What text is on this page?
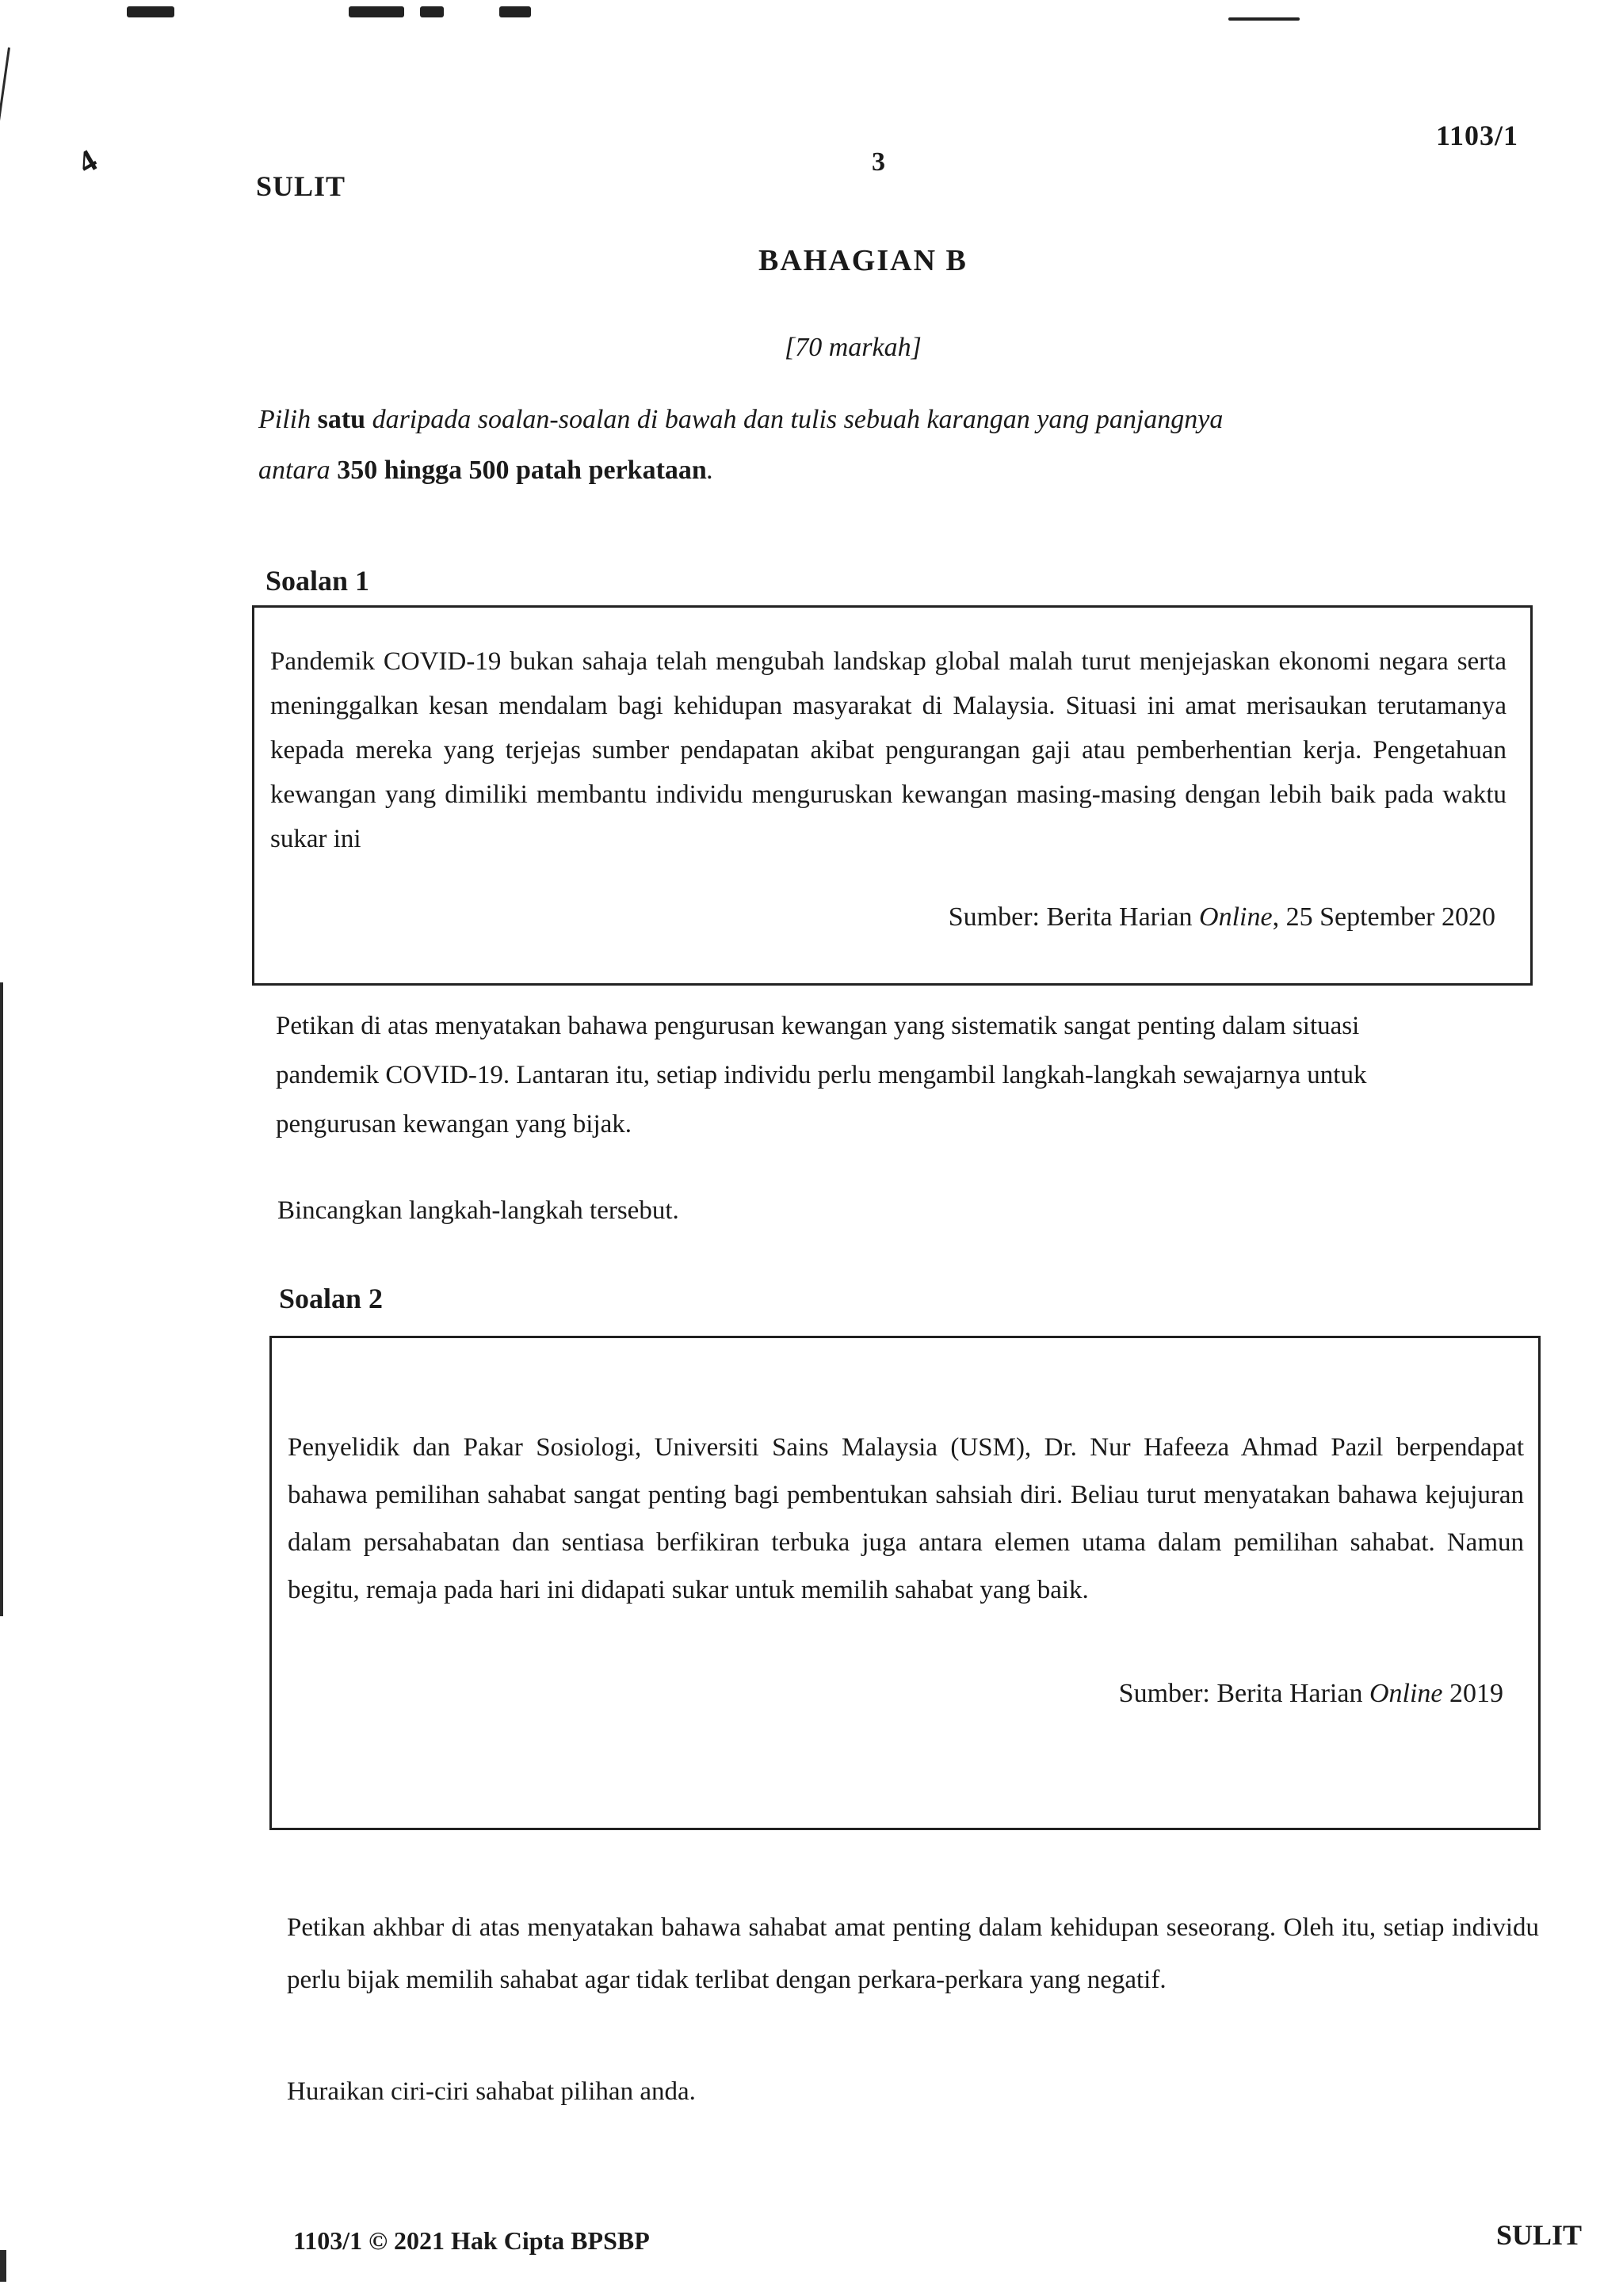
4
1103/1
3
SULIT
BAHAGIAN B
[70 markah]
Pilih satu daripada soalan-soalan di bawah dan tulis sebuah karangan yang panjangnya
antara 350 hingga 500 patah perkataan.
Soalan 1
Pandemik COVID-19 bukan sahaja telah mengubah landskap global malah turut menjejaskan ekonomi negara serta meninggalkan kesan mendalam bagi kehidupan masyarakat di Malaysia. Situasi ini amat merisaukan terutamanya kepada mereka yang terjejas sumber pendapatan akibat pengurangan gaji atau pemberhentian kerja. Pengetahuan kewangan yang dimiliki membantu individu menguruskan kewangan masing-masing dengan lebih baik pada waktu sukar ini
Sumber: Berita Harian Online, 25 September 2020
Petikan di atas menyatakan bahawa pengurusan kewangan yang sistematik sangat penting dalam situasi pandemik COVID-19. Lantaran itu, setiap individu perlu mengambil langkah-langkah sewajarnya untuk pengurusan kewangan yang bijak.
Bincangkan langkah-langkah tersebut.
Soalan 2
Penyelidik dan Pakar Sosiologi, Universiti Sains Malaysia (USM), Dr. Nur Hafeeza Ahmad Pazil berpendapat bahawa pemilihan sahabat sangat penting bagi pembentukan sahsiah diri. Beliau turut menyatakan bahawa kejujuran dalam persahabatan dan sentiasa berfikiran terbuka juga antara elemen utama dalam pemilihan sahabat. Namun begitu, remaja pada hari ini didapati sukar untuk memilih sahabat yang baik.
Sumber: Berita Harian Online 2019
Petikan akhbar di atas menyatakan bahawa sahabat amat penting dalam kehidupan seseorang. Oleh itu, setiap individu perlu bijak memilih sahabat agar tidak terlibat dengan perkara-perkara yang negatif.
Huraikan ciri-ciri sahabat pilihan anda.
1103/1 © 2021 Hak Cipta BPSBP	SULIT
